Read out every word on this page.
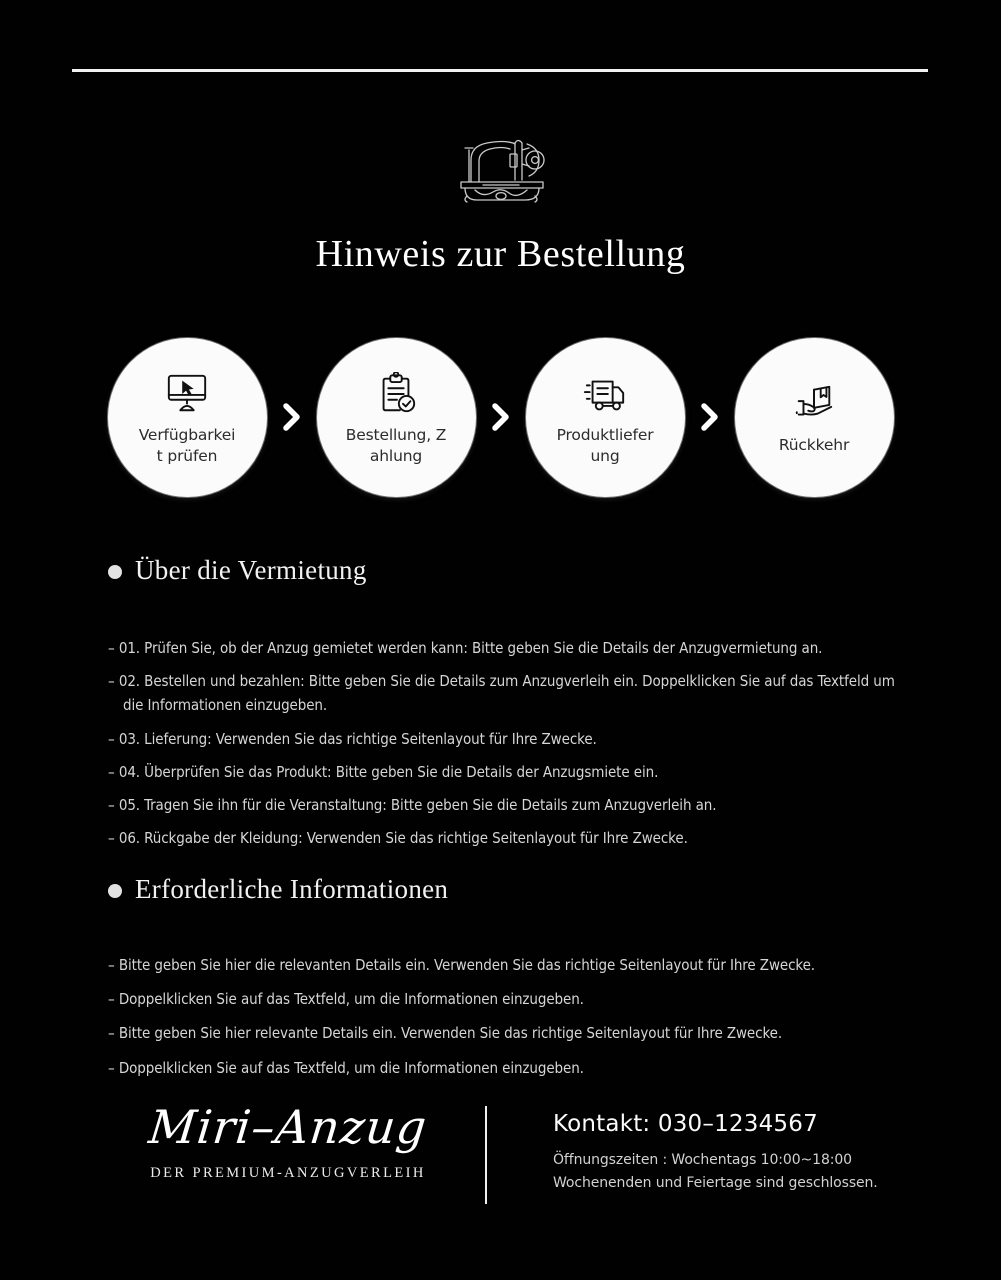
Hinweis zur Bestellung
Verfügbarkeit prüfen
Bestellung, Zahlung
Produktlieferung
Rückkehr
Über die Vermietung
– 01. Prüfen Sie, ob der Anzug gemietet werden kann: Bitte geben Sie die Details der Anzugvermietung an.
– 02. Bestellen und bezahlen: Bitte geben Sie die Details zum Anzugverleih ein. Doppelklicken Sie auf das Textfeld um die Informationen einzugeben.
– 03. Lieferung: Verwenden Sie das richtige Seitenlayout für Ihre Zwecke.
– 04. Überprüfen Sie das Produkt: Bitte geben Sie die Details der Anzugsmiete ein.
– 05. Tragen Sie ihn für die Veranstaltung: Bitte geben Sie die Details zum Anzugverleih an.
– 06. Rückgabe der Kleidung: Verwenden Sie das richtige Seitenlayout für Ihre Zwecke.
Erforderliche Informationen
– Bitte geben Sie hier die relevanten Details ein. Verwenden Sie das richtige Seitenlayout für Ihre Zwecke.
– Doppelklicken Sie auf das Textfeld, um die Informationen einzugeben.
– Bitte geben Sie hier relevante Details ein. Verwenden Sie das richtige Seitenlayout für Ihre Zwecke.
– Doppelklicken Sie auf das Textfeld, um die Informationen einzugeben.

Miri–Anzug

DER PREMIUM-ANZUGVERLEIH

Kontakt: 030–1234567

Öffnungszeiten : Wochentags 10:00~18:00

Wochenenden und Feiertage sind geschlossen.
